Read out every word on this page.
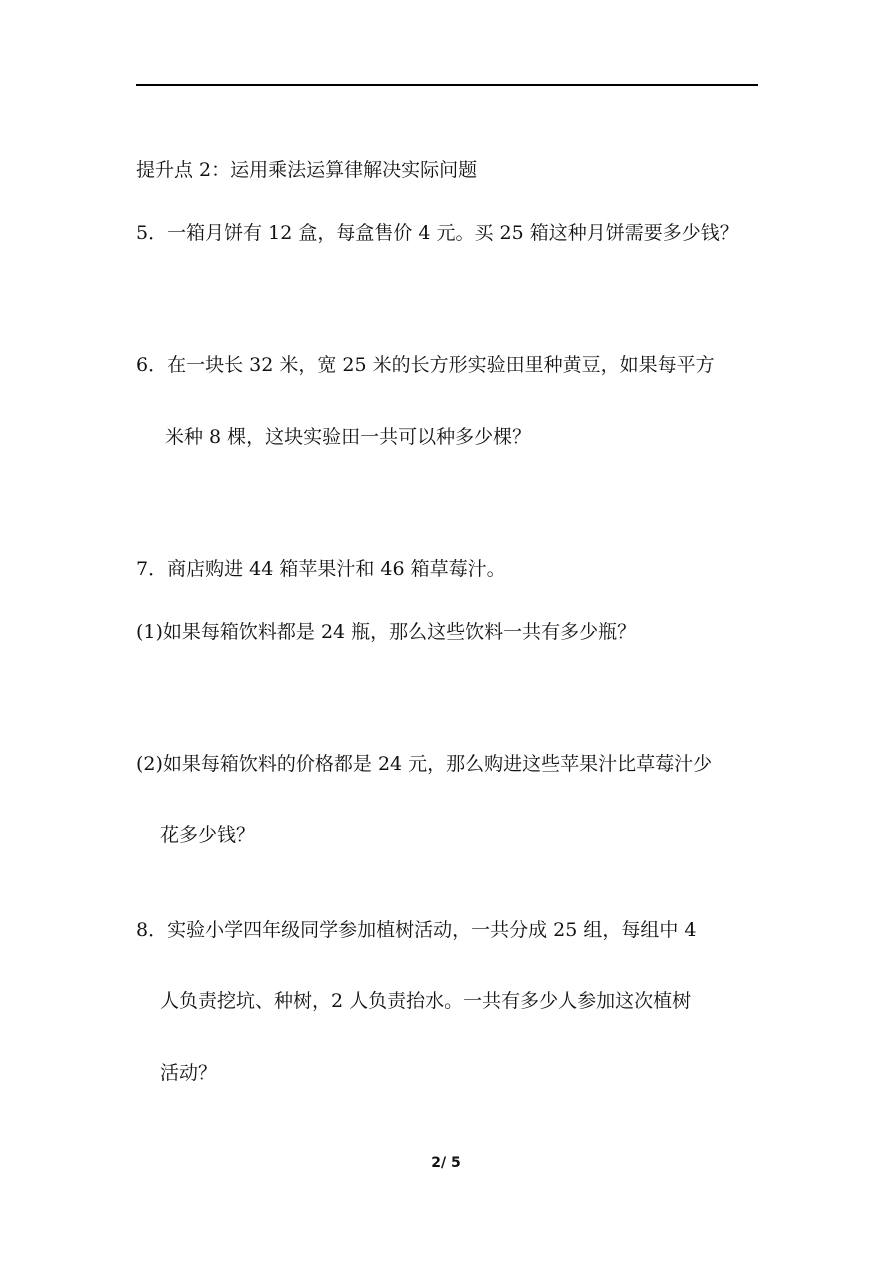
提升点 2：运用乘法运算律解决实际问题
5．一箱月饼有 12 盒，每盒售价 4 元。买 25 箱这种月饼需要多少钱？
6．在一块长 32 米，宽 25 米的长方形实验田里种黄豆，如果每平方
米种 8 棵，这块实验田一共可以种多少棵？
7．商店购进 44 箱苹果汁和 46 箱草莓汁。
(1)如果每箱饮料都是 24 瓶，那么这些饮料一共有多少瓶？
(2)如果每箱饮料的价格都是 24 元，那么购进这些苹果汁比草莓汁少
花多少钱？
8．实验小学四年级同学参加植树活动，一共分成 25 组，每组中 4
人负责挖坑、种树，2 人负责抬水。一共有多少人参加这次植树
活动？
2/ 5
